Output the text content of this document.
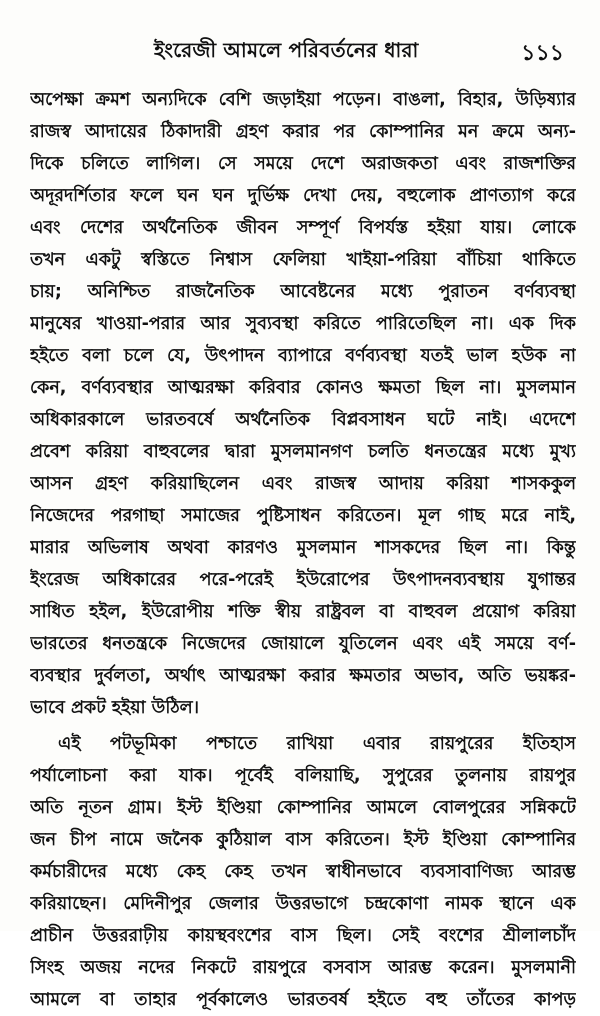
ইংরেজী আমলে পরিবর্তনের ধারা	১১১
অপেক্ষা ক্রমশ অন্যদিকে বেশি জড়াইয়া পড়েন। বাঙলা, বিহার, উড়িষ্যার
রাজস্ব আদায়ের ঠিকাদারী গ্রহণ করার পর কোম্পানির মন ক্রমে অন্য-
দিকে চলিতে লাগিল। সে সময়ে দেশে অরাজকতা এবং রাজশক্তির
অদূরদর্শিতার ফলে ঘন ঘন দুর্ভিক্ষ দেখা দেয়, বহুলোক প্রাণত্যাগ করে
এবং দেশের অর্থনৈতিক জীবন সম্পূর্ণ বিপর্যস্ত হইয়া যায়। লোকে
তখন একটু স্বস্তিতে নিশ্বাস ফেলিয়া খাইয়া-পরিয়া বাঁচিয়া থাকিতে
চায়; অনিশ্চিত রাজনৈতিক আবেষ্টনের মধ্যে পুরাতন বর্ণব্যবস্থা
মানুষের খাওয়া-পরার আর সুব্যবস্থা করিতে পারিতেছিল না। এক দিক
হইতে বলা চলে যে, উৎপাদন ব্যাপারে বর্ণব্যবস্থা যতই ভাল হউক না
কেন, বর্ণব্যবস্থার আত্মরক্ষা করিবার কোনও ক্ষমতা ছিল না। মুসলমান
অধিকারকালে ভারতবর্ষে অর্থনৈতিক বিপ্লবসাধন ঘটে নাই। এদেশে
প্রবেশ করিয়া বাহুবলের দ্বারা মুসলমানগণ চলতি ধনতন্ত্রের মধ্যে মুখ্য
আসন গ্রহণ করিয়াছিলেন এবং রাজস্ব আদায় করিয়া শাসককুল
নিজেদের পরগাছা সমাজের পুষ্টিসাধন করিতেন। মূল গাছ মরে নাই,
মারার অভিলাষ অথবা কারণও মুসলমান শাসকদের ছিল না। কিন্তু
ইংরেজ অধিকারের পরে-পরেই ইউরোপের উৎপাদনব্যবস্থায় যুগান্তর
সাধিত হইল, ইউরোপীয় শক্তি স্বীয় রাষ্ট্রবল বা বাহুবল প্রয়োগ করিয়া
ভারতের ধনতন্ত্রকে নিজেদের জোয়ালে যুতিলেন এবং এই সময়ে বর্ণ-
ব্যবস্থার দুর্বলতা, অর্থাৎ আত্মরক্ষা করার ক্ষমতার অভাব, অতি ভয়ঙ্কর-
ভাবে প্রকট হইয়া উঠিল।
এই পটভূমিকা পশ্চাতে রাখিয়া এবার রায়পুরের ইতিহাস
পর্যালোচনা করা যাক। পূর্বেই বলিয়াছি, সুপুরের তুলনায় রায়পুর
অতি নূতন গ্রাম। ইস্ট ইণ্ডিয়া কোম্পানির আমলে বোলপুরের সন্নিকটে
জন চীপ নামে জনৈক কুঠিয়াল বাস করিতেন। ইস্ট ইণ্ডিয়া কোম্পানির
কর্মচারীদের মধ্যে কেহ কেহ তখন স্বাধীনভাবে ব্যবসাবাণিজ্য আরম্ভ
করিয়াছেন। মেদিনীপুর জেলার উত্তরভাগে চন্দ্রকোণা নামক স্থানে এক
প্রাচীন উত্তররাঢ়ীয় কায়স্থবংশের বাস ছিল। সেই বংশের শ্রীলালচাঁদ
সিংহ অজয় নদের নিকটে রায়পুরে বসবাস আরম্ভ করেন। মুসলমানী
আমলে বা তাহার পূর্বকালেও ভারতবর্ষ হইতে বহু তাঁতের কাপড়
